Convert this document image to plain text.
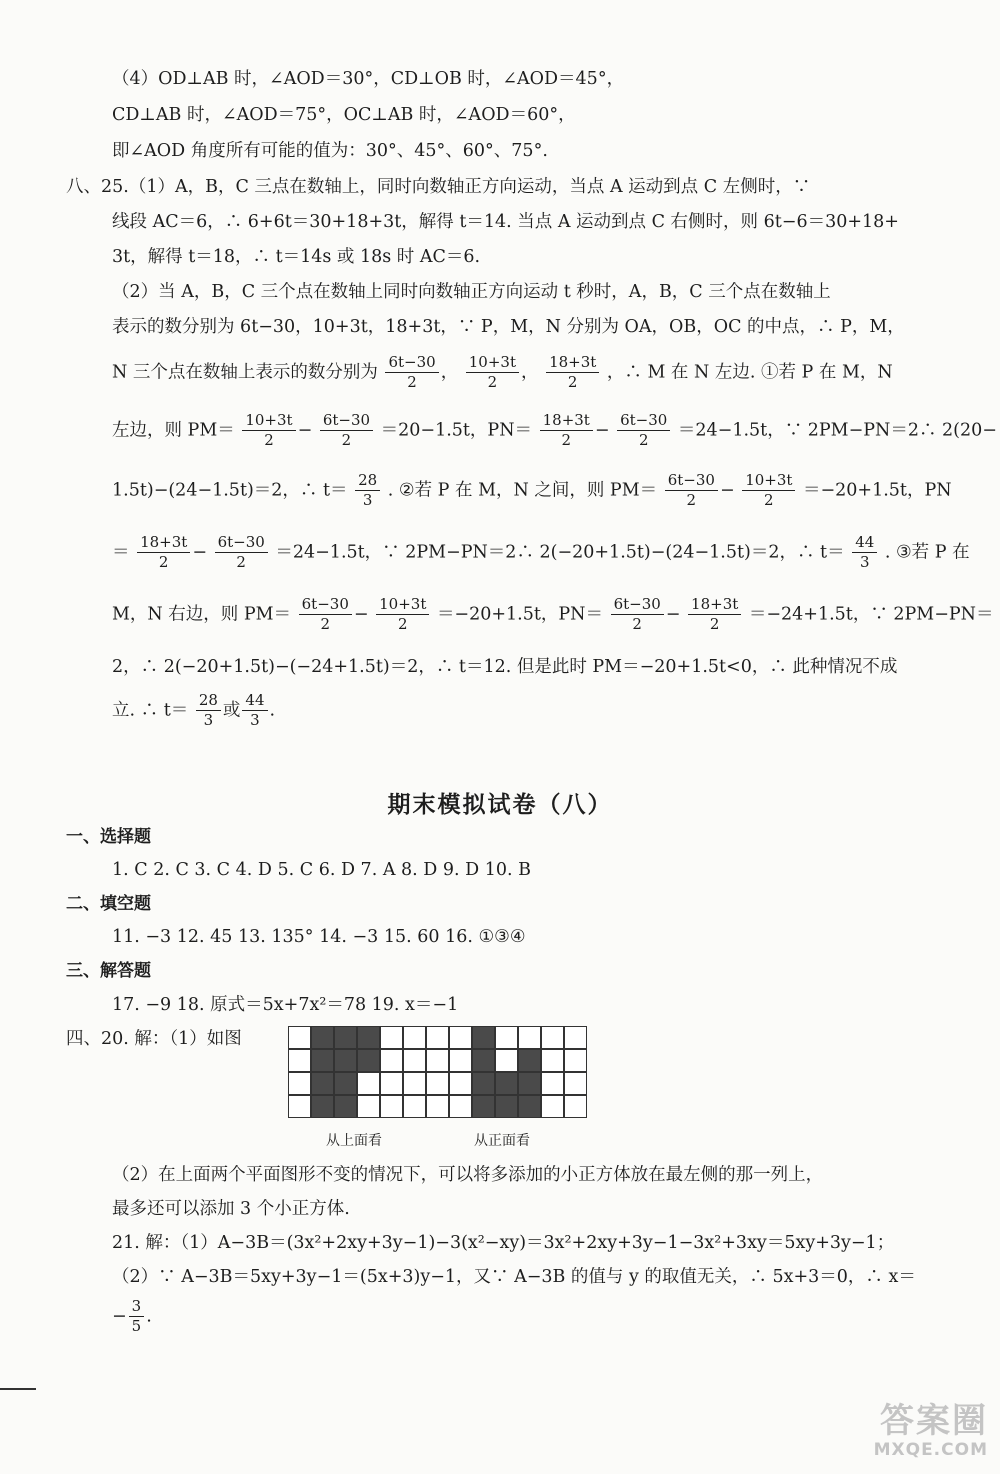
（4）OD⊥AB 时，∠AOD＝30°，CD⊥OB 时，∠AOD＝45°，
CD⊥AB 时，∠AOD＝75°，OC⊥AB 时，∠AOD＝60°，
即∠AOD 角度所有可能的值为：30°、45°、60°、75°.
八、25.（1）A，B，C 三点在数轴上，同时向数轴正方向运动，当点 A 运动到点 C 左侧时，∵
线段 AC＝6，∴ 6+6t＝30+18+3t，解得 t＝14. 当点 A 运动到点 C 右侧时，则 6t−6＝30+18+
3t，解得 t＝18，∴ t＝14s 或 18s 时 AC＝6.
（2）当 A，B，C 三个点在数轴上同时向数轴正方向运动 t 秒时，A，B，C 三个点在数轴上
表示的数分别为 6t−30，10+3t，18+3t，∵ P，M，N 分别为 OA，OB，OC 的中点，∴ P，M，
N 三个点在数轴上表示的数分别为 $\frac{6t-30}{2}$ ， $\frac{10+3t}{2}$ ， $\frac{18+3t}{2}$ ，∴ M 在 N 左边. ①若 P 在 M，N
左边，则 $PM= \frac{10+3t}{2} - \frac{6t-30}{2} =20-1.5t$，$PN= \frac{18+3t}{2} - \frac{6t-30}{2} =24-1.5t$，∵ 2PM−PN＝2∴ 2(20−
1.5t)−(24−1.5t)＝2，∴ $t= \frac{28}{3}$ . ②若 P 在 M，N 之间，则 $PM= \frac{6t-30}{2} - \frac{10+3t}{2} =-20+1.5t$，PN
＝ $\frac{18+3t}{2} - \frac{6t-30}{2} =24-1.5t$，∵ 2PM−PN＝2∴ 2(−20+1.5t)−(24−1.5t)＝2，∴ $t= \frac{44}{3}$ . ③若 P 在
M，N 右边，则 $PM= \frac{6t-30}{2} - \frac{10+3t}{2} =-20+1.5t$，$PN= \frac{6t-30}{2} - \frac{18+3t}{2} =-24+1.5t$，∵ 2PM−PN＝
2，∴ 2(−20+1.5t)−(−24+1.5t)＝2，∴ t＝12. 但是此时 PM＝−20+1.5t<0，∴ 此种情况不成
立. ∴ $t= \frac{28}{3}$ 或 $\frac{44}{3}$ .
期末模拟试卷（八）
一、选择题
1. C 2. C 3. C 4. D 5. C 6. D 7. A 8. D 9. D 10. B
二、填空题
11. −3 12. 45 13. 135° 14. −3 15. 60 16. ①③④
三、解答题
17. −9 18. 原式＝5x+7x²＝78 19. x＝−1
四、20. 解：（1）如图
从上面看	从正面看
（2）在上面两个平面图形不变的情况下，可以将多添加的小正方体放在最左侧的那一列上，
最多还可以添加 3 个小正方体.
21. 解：（1）A−3B＝(3x²+2xy+3y−1)−3(x²−xy)＝3x²+2xy+3y−1−3x²+3xy＝5xy+3y−1；
（2）∵ A−3B＝5xy+3y−1＝(5x+3)y−1，又∵ A−3B 的值与 y 的取值无关，∴ 5x+3＝0，∴ x＝
− $\frac{3}{5}$ .
答案圈
MXQE.COM
